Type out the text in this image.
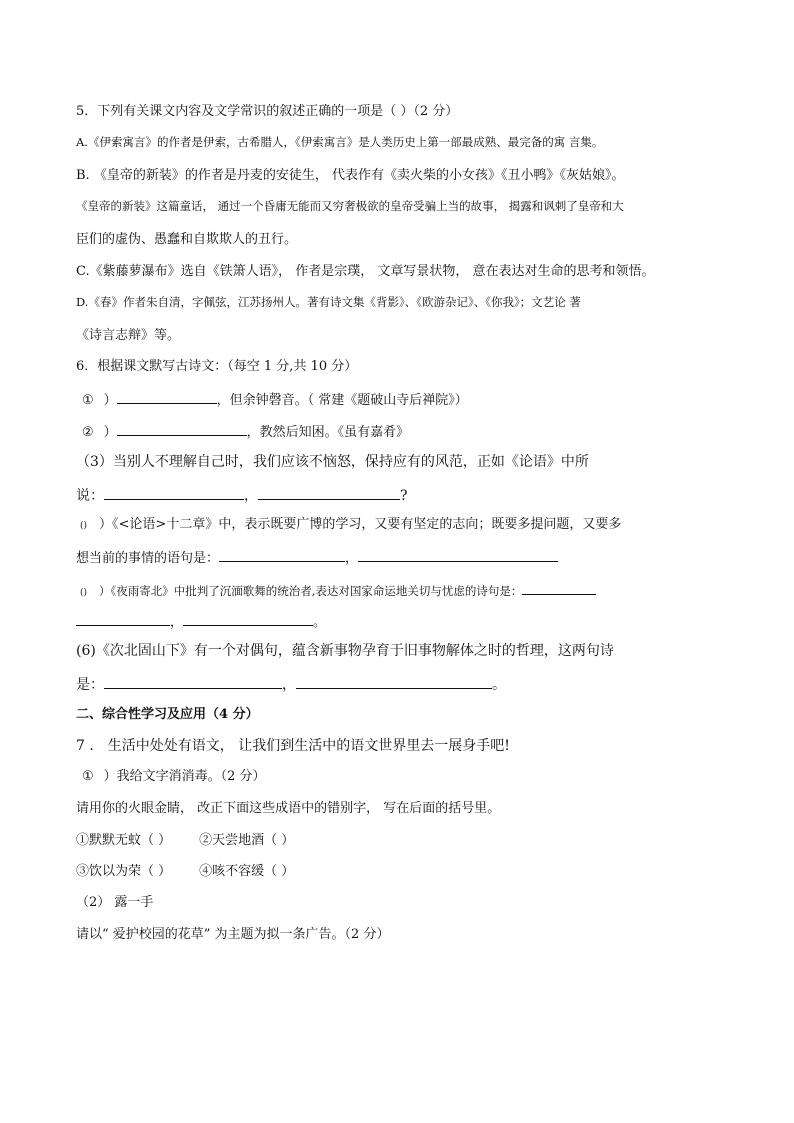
5．下列有关课文内容及文学常识的叙述正确的一项是（ ）（2 分）
A.《伊索寓言》的作者是伊索，古希腊人，《伊索寓言》是人类历史上第一部最成熟、最完备的寓 言集。
B. 《皇帝的新装》的作者是丹麦的安徒生， 代表作有《卖火柴的小女孩》《丑小鸭》《灰姑娘》。
《皇帝的新装》这篇童话， 通过一个昏庸无能而又穷奢极欲的皇帝受骗上当的故事， 揭露和讽刺了皇帝和大
臣们的虚伪、愚蠢和自欺欺人的丑行。
C.《紫藤萝瀑布》选自《铁箫人语》， 作者是宗璞， 文章写景状物， 意在表达对生命的思考和领悟。
D.《春》作者朱自清，字佩弦，江苏扬州人。著有诗文集《背影》、《欧游杂记》、《你我》；文艺论 著
《诗言志辩》等。
6．根据课文默写古诗文：（每空 1 分,共 10 分）
① ）	，但余钟磬音。（ 常建《题破山寺后禅院》）
② ）	，教然后知困。《虽有嘉肴》
（3）当别人不理解自己时，我们应该不恼怒，保持应有的风范，正如《论语》中所
说：	，	?
() ）《<论语>十二章》中，表示既要广博的学习，又要有坚定的志向；既要多提问题，又要多
想当前的事情的语句是：	，
() ）《夜雨寄北》中批判了沉湎歌舞的统治者,表达对国家命运地关切与忧虑的诗句是：
，	。
(6)《次北固山下》有一个对偶句，蕴含新事物孕育于旧事物解体之时的哲理，这两句诗
是：	，	。
二、综合性学习及应用（4 分）
7 ． 生活中处处有语文， 让我们到生活中的语文世界里去一展身手吧!
① ）我给文字消消毒。（2 分）
请用你的火眼金睛， 改正下面这些成语中的错别字， 写在后面的括号里。
①默默无蚊（ ） ②天尝地酒（ ）
③饮以为荣（ ） ④咳不容缓（ ）
（2） 露一手
请以“ 爱护校园的花草” 为主题为拟一条广告。（2 分）
